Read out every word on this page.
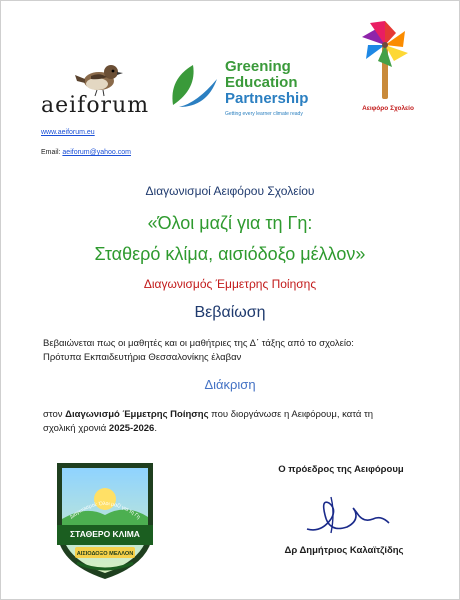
aeiforum
Greening
Education
Partnership
Getting every learner climate ready
Αειφόρο Σχολείο
www.aeiforum.eu
Email: aeiforum@yahoo.com
Διαγωνισμοί Αειφόρου Σχολείου
«Όλοι μαζί για τη Γη:
Σταθερό κλίμα, αισιόδοξο μέλλον»
Διαγωνισμός Έμμετρης Ποίησης
Βεβαίωση
Βεβαιώνεται πως οι μαθητές και οι μαθήτριες της Δ΄ τάξης από το σχολείο:
Πρότυπα Εκπαιδευτήρια Θεσσαλονίκης έλαβαν
Διάκριση
στον Διαγωνισμό Έμμετρης Ποίησης που διοργάνωσε η Αειφόρουμ, κατά τη
σχολική χρονιά 2025-2026.
Διαγωνισμοί: Όλοι μαζί για τη Γη
ΣΤΑΘΕΡΟ ΚΛΙΜΑ
ΑΙΣΙΟΔΟΞΟ ΜΕΛΛΟΝ
Ο πρόεδρος της Αειφόρουμ
Δρ Δημήτριος Καλαϊτζίδης
